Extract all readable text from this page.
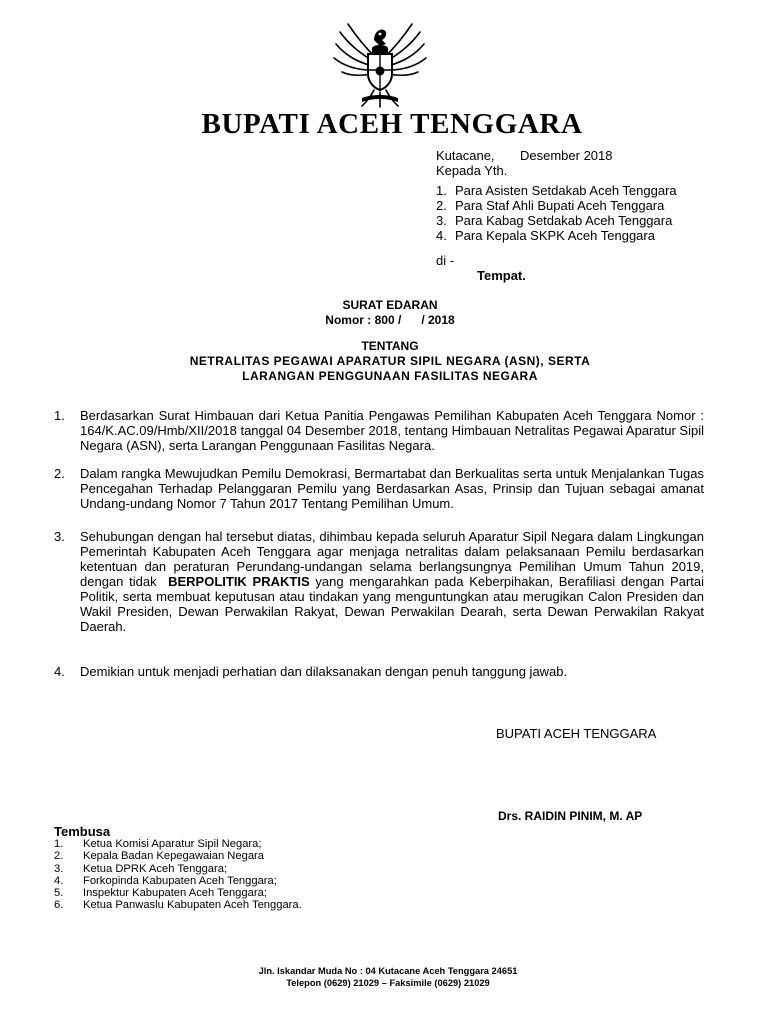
BUPATI ACEH TENGGARA
Kutacane, Desember 2018
Kepada Yth.
1. Para Asisten Setdakab Aceh Tenggara
2. Para Staf Ahli Bupati Aceh Tenggara
3. Para Kabag Setdakab Aceh Tenggara
4. Para Kepala SKPK Aceh Tenggara
di -
Tempat.
SURAT EDARAN
Nomor : 800 / / 2018
TENTANG
NETRALITAS PEGAWAI APARATUR SIPIL NEGARA (ASN), SERTA
LARANGAN PENGGUNAAN FASILITAS NEGARA
1. Berdasarkan Surat Himbauan dari Ketua Panitia Pengawas Pemilihan Kabupaten Aceh Tenggara Nomor : 164/K.AC.09/Hmb/XII/2018 tanggal 04 Desember 2018, tentang Himbauan Netralitas Pegawai Aparatur Sipil Negara (ASN), serta Larangan Penggunaan Fasilitas Negara.
2. Dalam rangka Mewujudkan Pemilu Demokrasi, Bermartabat dan Berkualitas serta untuk Menjalankan Tugas Pencegahan Terhadap Pelanggaran Pemilu yang Berdasarkan Asas, Prinsip dan Tujuan sebagai amanat Undang-undang Nomor 7 Tahun 2017 Tentang Pemilihan Umum.
3. Sehubungan dengan hal tersebut diatas, dihimbau kepada seluruh Aparatur Sipil Negara dalam Lingkungan Pemerintah Kabupaten Aceh Tenggara agar menjaga netralitas dalam pelaksanaan Pemilu berdasarkan ketentuan dan peraturan Perundang-undangan selama berlangsungnya Pemilihan Umum Tahun 2019, dengan tidak BERPOLITIK PRAKTIS yang mengarahkan pada Keberpihakan, Berafiliasi dengan Partai Politik, serta membuat keputusan atau tindakan yang menguntungkan atau merugikan Calon Presiden dan Wakil Presiden, Dewan Perwakilan Rakyat, Dewan Perwakilan Dearah, serta Dewan Perwakilan Rakyat Daerah.
4. Demikian untuk menjadi perhatian dan dilaksanakan dengan penuh tanggung jawab.
BUPATI ACEH TENGGARA
Drs. RAIDIN PINIM, M. AP
Tembusa
1. Ketua Komisi Aparatur Sipil Negara;
2. Kepala Badan Kepegawaian Negara
3. Ketua DPRK Aceh Tenggara;
4. Forkopinda Kabupaten Aceh Tenggara;
5. Inspektur Kabupaten Aceh Tenggara;
6. Ketua Panwaslu Kabupaten Aceh Tenggara.
Jln. Iskandar Muda No : 04 Kutacane Aceh Tenggara 24651
Telepon (0629) 21029 – Faksimile (0629) 21029
